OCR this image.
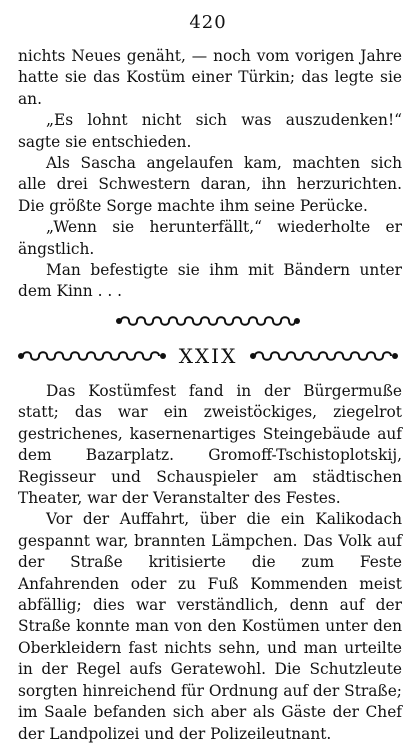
420

nichts Neues genäht, — noch vom vorigen Jahre hatte sie das Kostüm einer Türkin; das legte sie an.

„Es lohnt nicht sich was auszudenken!“ sagte sie entschieden.

Als Sascha angelaufen kam, machten sich alle drei Schwestern daran, ihn herzurichten. Die größte Sorge machte ihm seine Perücke.

„Wenn sie herunterfällt,“ wiederholte er ängstlich.

Man befestigte sie ihm mit Bändern unter dem Kinn . . .

XXIX

Das Kostümfest fand in der Bürgermuße statt; das war ein zweistöckiges, ziegelrot gestrichenes, kasernenartiges Steingebäude auf dem Bazarplatz. Gromoff-Tschistoplotskij, Regisseur und Schauspieler am städtischen Theater, war der Veranstalter des Festes.

Vor der Auffahrt, über die ein Kalikodach gespannt war, brannten Lämpchen. Das Volk auf der Straße kritisierte die zum Feste Anfahrenden oder zu Fuß Kommenden meist abfällig; dies war verständlich, denn auf der Straße konnte man von den Kostümen unter den Oberkleidern fast nichts sehn, und man urteilte in der Regel aufs Geratewohl. Die Schutzleute sorgten hinreichend für Ordnung auf der Straße; im Saale befanden sich aber als Gäste der Chef der Landpolizei und der Polizeileutnant.
